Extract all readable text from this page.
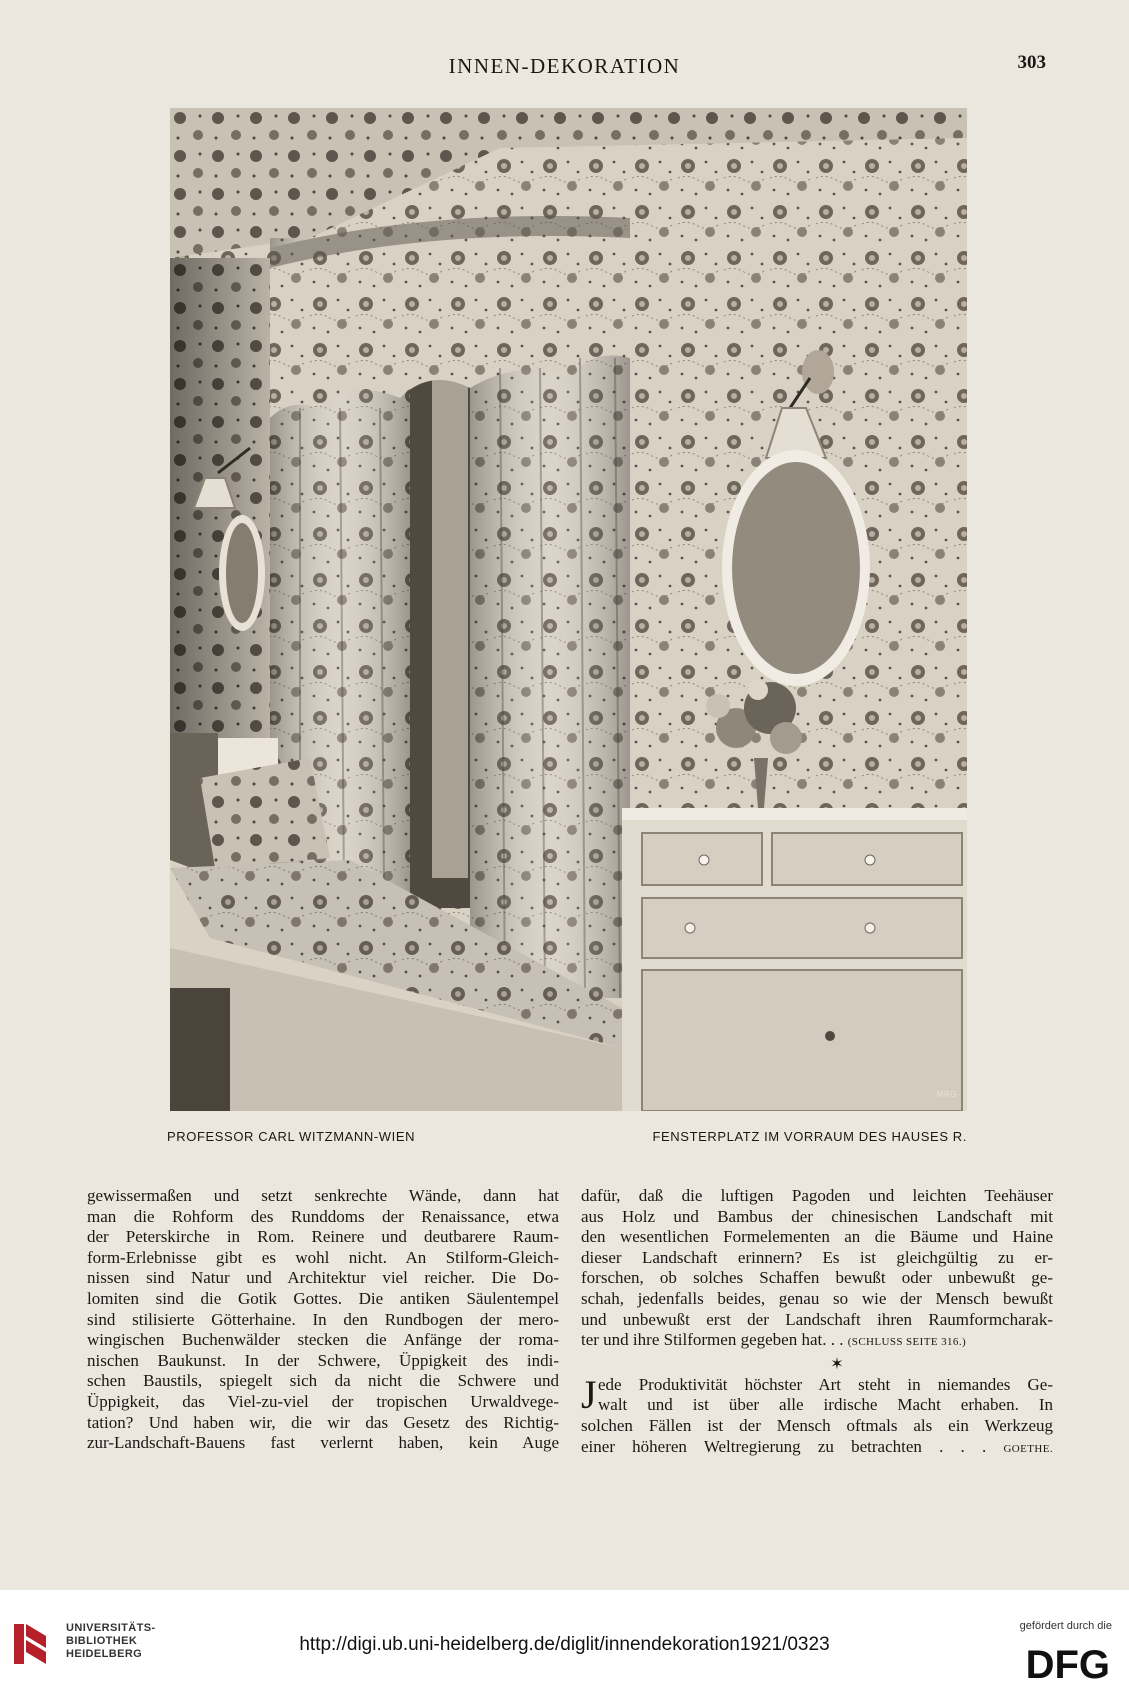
INNEN-DEKORATION	303
MRG
PROFESSOR CARL WITZMANN-WIEN	FENSTERPLATZ IM VORRAUM DES HAUSES R.
gewissermaßen und setzt senkrechte Wände, dann hat
man die Rohform des Runddoms der Renaissance, etwa
der Peterskirche in Rom. Reinere und deutbarere Raum-
form-Erlebnisse gibt es wohl nicht. An Stilform-Gleich-
nissen sind Natur und Architektur viel reicher. Die Do-
lomiten sind die Gotik Gottes. Die antiken Säulentempel
sind stilisierte Götterhaine. In den Rundbogen der mero-
wingischen Buchenwälder stecken die Anfänge der roma-
nischen Baukunst. In der Schwere, Üppigkeit des indi-
schen Baustils, spiegelt sich da nicht die Schwere und
Üppigkeit, das Viel-zu-viel der tropischen Urwaldvege-
tation? Und haben wir, die wir das Gesetz des Richtig-
zur-Landschaft-Bauens fast verlernt haben, kein Auge
dafür, daß die luftigen Pagoden und leichten Teehäuser
aus Holz und Bambus der chinesischen Landschaft mit
den wesentlichen Formelementen an die Bäume und Haine
dieser Landschaft erinnern? Es ist gleichgültig zu er-
forschen, ob solches Schaffen bewußt oder unbewußt ge-
schah, jedenfalls beides, genau so wie der Mensch bewußt
und unbewußt erst der Landschaft ihren Raumformcharak-
ter und ihre Stilformen gegeben hat. . . (SCHLUSS SEITE 316.)
✶
J ede Produktivität höchster Art steht in niemandes Ge-
walt und ist über alle irdische Macht erhaben. In
solchen Fällen ist der Mensch oftmals als ein Werkzeug
einer höheren Weltregierung zu betrachten . . . GOETHE.
UNIVERSITÄTS-
BIBLIOTHEK
HEIDELBERG	http://digi.ub.uni-heidelberg.de/diglit/innendekoration1921/0323
gefördert durch die
DFG
